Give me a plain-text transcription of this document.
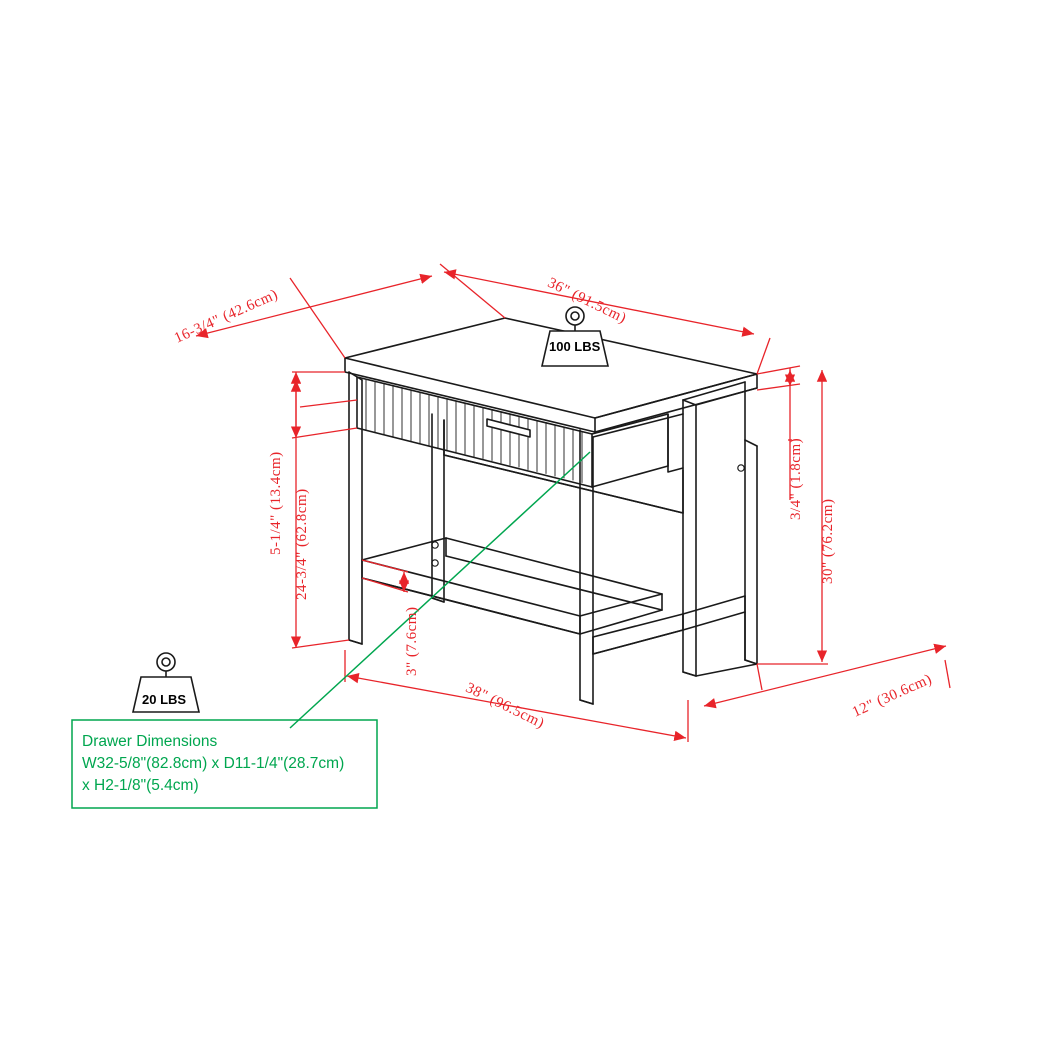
16-3/4" (42.6cm)	36" (91.5cm)
5-1/4" (13.4cm) 24-3/4" (62.8cm)
3" (7.6cm)
3/4" (1.8cm)
30" (76.2cm)
38" (96.5cm)	12" (30.6cm)
100 LBS
20 LBS
Drawer Dimensions
W32-5/8"(82.8cm) x D11-1/4"(28.7cm)
x H2-1/8"(5.4cm)
